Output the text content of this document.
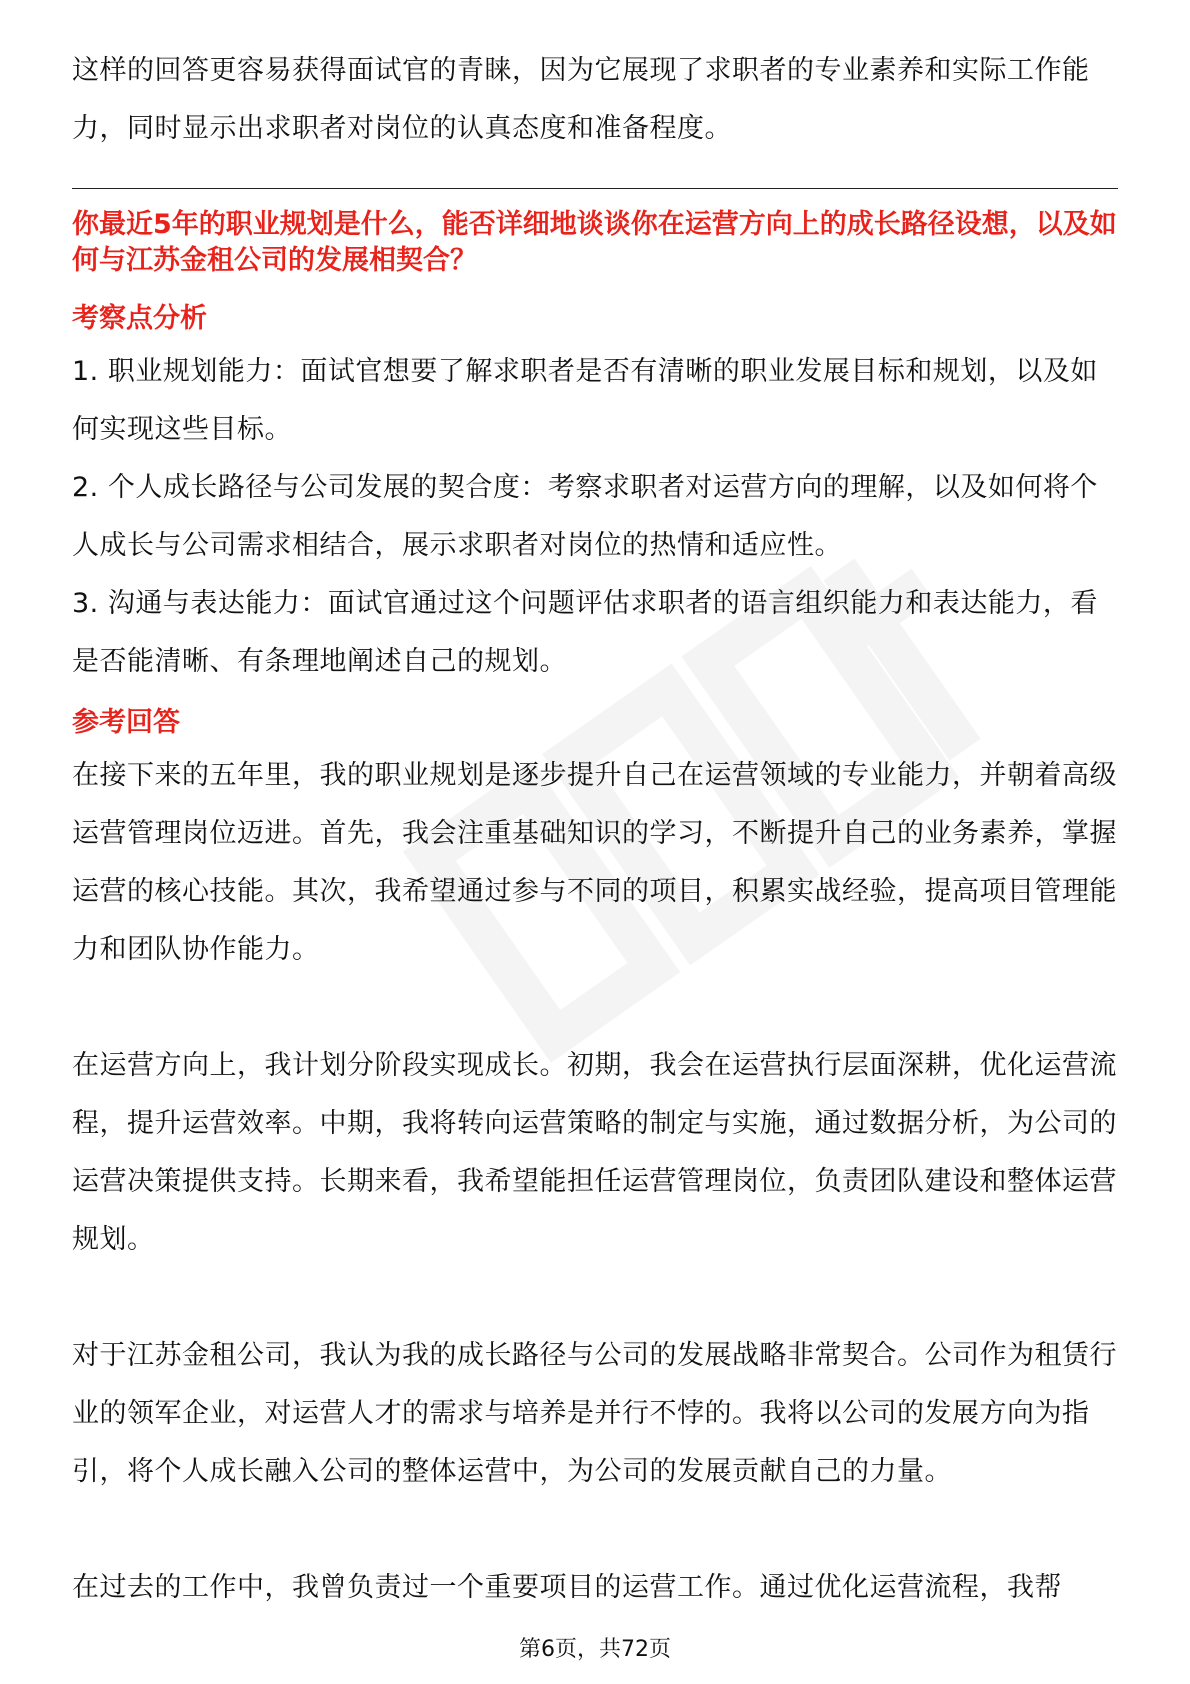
这样的回答更容易获得面试官的青睐，因为它展现了求职者的专业素养和实际工作能力，同时显示出求职者对岗位的认真态度和准备程度。

你最近5年的职业规划是什么，能否详细地谈谈你在运营方向上的成长路径设想，以及如何与江苏金租公司的发展相契合？

考察点分析

1. 职业规划能力：面试官想要了解求职者是否有清晰的职业发展目标和规划，以及如何实现这些目标。

2. 个人成长路径与公司发展的契合度：考察求职者对运营方向的理解，以及如何将个人成长与公司需求相结合，展示求职者对岗位的热情和适应性。

3. 沟通与表达能力：面试官通过这个问题评估求职者的语言组织能力和表达能力，看是否能清晰、有条理地阐述自己的规划。

参考回答

在接下来的五年里，我的职业规划是逐步提升自己在运营领域的专业能力，并朝着高级运营管理岗位迈进。首先，我会注重基础知识的学习，不断提升自己的业务素养，掌握运营的核心技能。其次，我希望通过参与不同的项目，积累实战经验，提高项目管理能力和团队协作能力。

在运营方向上，我计划分阶段实现成长。初期，我会在运营执行层面深耕，优化运营流程，提升运营效率。中期，我将转向运营策略的制定与实施，通过数据分析，为公司的运营决策提供支持。长期来看，我希望能担任运营管理岗位，负责团队建设和整体运营规划。

对于江苏金租公司，我认为我的成长路径与公司的发展战略非常契合。公司作为租赁行业的领军企业，对运营人才的需求与培养是并行不悖的。我将以公司的发展方向为指引，将个人成长融入公司的整体运营中，为公司的发展贡献自己的力量。

在过去的工作中，我曾负责过一个重要项目的运营工作。通过优化运营流程，我帮

第6页，共72页
